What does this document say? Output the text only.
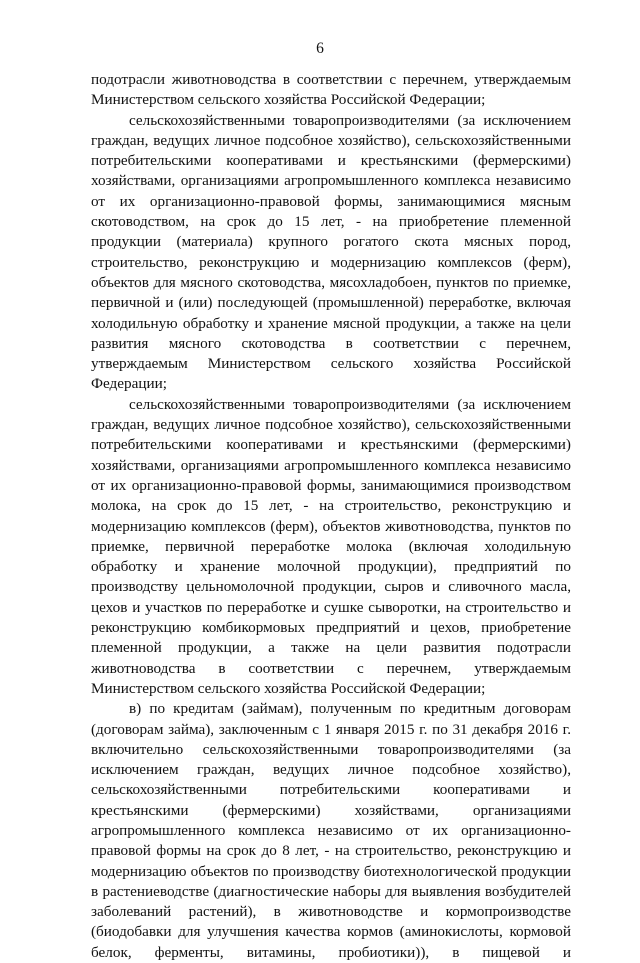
6

подотрасли животноводства в соответствии с перечнем, утверждаемым Министерством сельского хозяйства Российской Федерации;

сельскохозяйственными товаропроизводителями (за исключением граждан, ведущих личное подсобное хозяйство), сельскохозяйственными потребительскими кооперативами и крестьянскими (фермерскими) хозяйствами, организациями агропромышленного комплекса независимо от их организационно-правовой формы, занимающимися мясным скотоводством, на срок до 15 лет, - на приобретение племенной продукции (материала) крупного рогатого скота мясных пород, строительство, реконструкцию и модернизацию комплексов (ферм), объектов для мясного скотоводства, мясохладобоен, пунктов по приемке, первичной и (или) последующей (промышленной) переработке, включая холодильную обработку и хранение мясной продукции, а также на цели развития мясного скотоводства в соответствии с перечнем, утверждаемым Министерством сельского хозяйства Российской Федерации;

сельскохозяйственными товаропроизводителями (за исключением граждан, ведущих личное подсобное хозяйство), сельскохозяйственными потребительскими кооперативами и крестьянскими (фермерскими) хозяйствами, организациями агропромышленного комплекса независимо от их организационно-правовой формы, занимающимися производством молока, на срок до 15 лет, - на строительство, реконструкцию и модернизацию комплексов (ферм), объектов животноводства, пунктов по приемке, первичной переработке молока (включая холодильную обработку и хранение молочной продукции), предприятий по производству цельномолочной продукции, сыров и сливочного масла, цехов и участков по переработке и сушке сыворотки, на строительство и реконструкцию комбикормовых предприятий и цехов, приобретение племенной продукции, а также на цели развития подотрасли животноводства в соответствии с перечнем, утверждаемым Министерством сельского хозяйства Российской Федерации;

в) по кредитам (займам), полученным по кредитным договорам (договорам займа), заключенным с 1 января 2015 г. по 31 декабря 2016 г. включительно сельскохозяйственными товаропроизводителями (за исключением граждан, ведущих личное подсобное хозяйство), сельскохозяйственными потребительскими кооперативами и крестьянскими (фермерскими) хозяйствами, организациями агропромышленного комплекса независимо от их организационно-правовой формы на срок до 8 лет, - на строительство, реконструкцию и модернизацию объектов по производству биотехнологической продукции в растениеводстве (диагностические наборы для выявления возбудителей заболеваний растений), в животноводстве и кормопроизводстве (биодобавки для улучшения качества кормов (аминокислоты, кормовой белок, ферменты, витамины, пробиотики)), в пищевой и
